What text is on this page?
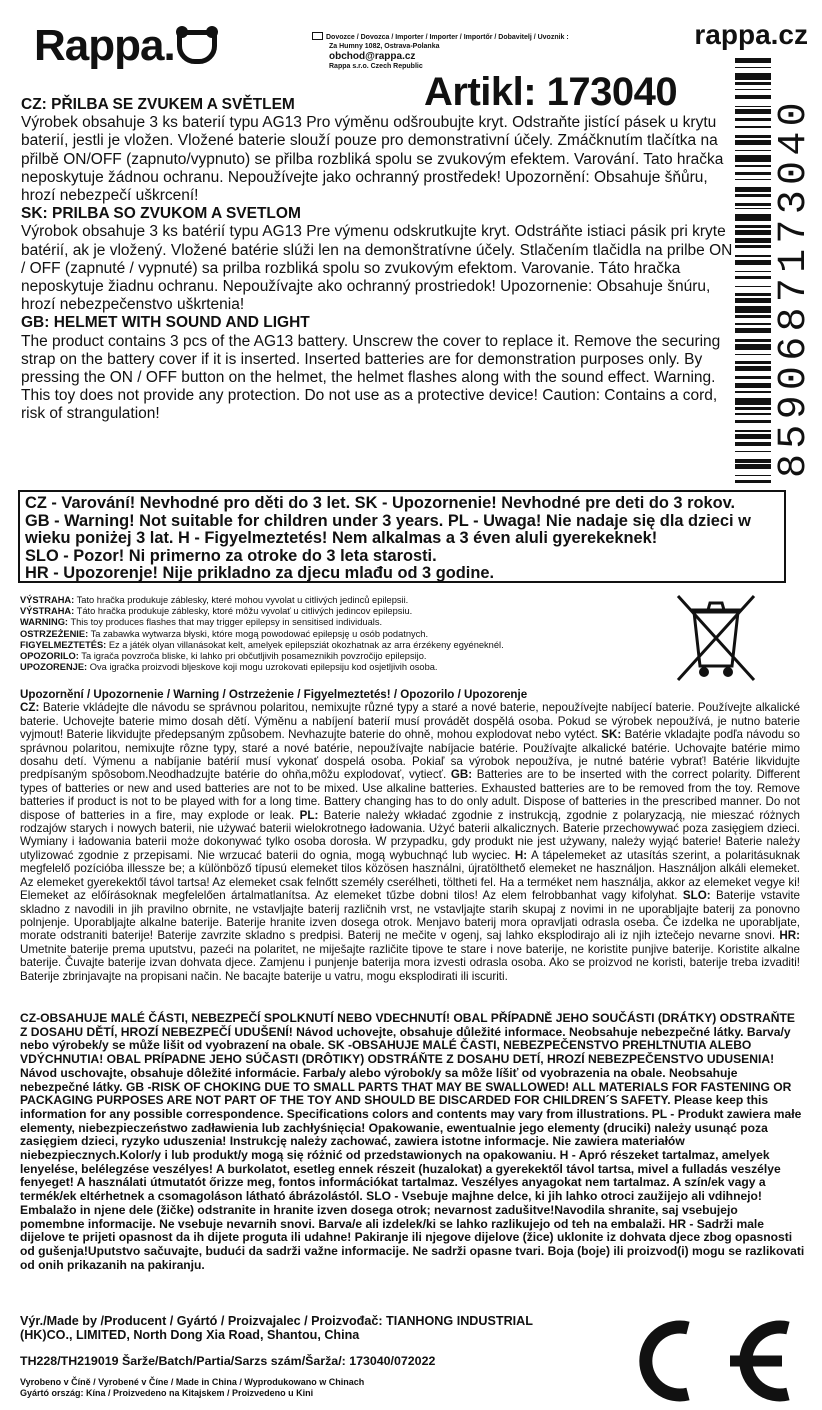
Rappa.	Dovozce / Dovozca / Importer / Importer / Importőr / Dobavitelj / Uvoznik :
Za Humny 1082, Ostrava-Polanka
obchod@rappa.cz
Rappa s.r.o. Czech Republic
rappa.cz
Artikl: 173040
8590687173040
CZ: PŘILBA SE ZVUKEM A SVĚTLEM

Výrobek obsahuje 3 ks baterií typu AG13 Pro výměnu odšroubujte kryt. Odstraňte jistící pásek u krytu baterií, jestli je vložen. Vložené baterie slouží pouze pro demonstrativní účely. Zmáčknutím tlačítka na přilbě ON/OFF (zapnuto/vypnuto) se přilba rozbliká spolu se zvukovým efektem. Varování. Tato hračka neposkytuje žádnou ochranu. Nepoužívejte jako ochranný prostředek! Upozornění: Obsahuje šňůru, hrozí nebezpečí uškrcení!

SK: PRILBA SO ZVUKOM A SVETLOM

Výrobok obsahuje 3 ks batérií typu AG13 Pre výmenu odskrutkujte kryt. Odstráňte istiaci pásik pri kryte batérií, ak je vložený. Vložené batérie slúži len na demonštratívne účely. Stlačením tlačidla na prilbe ON / OFF (zapnuté / vypnuté) sa prilba rozbliká spolu so zvukovým efektom. Varovanie. Táto hračka neposkytuje žiadnu ochranu. Nepoužívajte ako ochranný prostriedok! Upozornenie: Obsahuje šnúru, hrozí nebezpečenstvo uškrtenia!

GB: HELMET WITH SOUND AND LIGHT

The product contains 3 pcs of the AG13 battery. Unscrew the cover to replace it. Remove the securing strap on the battery cover if it is inserted. Inserted batteries are for demonstration purposes only. By pressing the ON / OFF button on the helmet, the helmet flashes along with the sound effect. Warning. This toy does not provide any protection. Do not use as a protective device! Caution: Contains a cord, risk of strangulation!

CZ - Varování! Nevhodné pro děti do 3 let. SK - Upozornenie! Nevhodné pre deti do 3 rokov.

GB - Warning! Not suitable for children under 3 years. PL - Uwaga! Nie nadaje się dla dzieci w wieku poniżej 3 lat. H - Figyelmeztetés! Nem alkalmas a 3 éven aluli gyerekeknek!

SLO - Pozor! Ni primerno za otroke do 3 leta starosti.

HR - Upozorenje! Nije prikladno za djecu mlađu od 3 godine.

VÝSTRAHA: Tato hračka produkuje záblesky, které mohou vyvolat u citlivých jedinců epilepsii.

VÝSTRAHA: Táto hračka produkuje záblesky, ktoré môžu vyvolať u citlivých jedincov epilepsiu.

WARNING: This toy produces flashes that may trigger epilepsy in sensitised individuals.

OSTRZEŻENIE: Ta zabawka wytwarza błyski, które mogą powodować epilepsję u osób podatnych.

FIGYELMEZTETÉS: Ez a játék olyan villanásokat kelt, amelyek epilepsziát okozhatnak az arra érzékeny egyéneknél.

OPOZORILO: Ta igrača povzroča bliske, ki lahko pri občutljivih posameznikih povzročijo epilepsijo.

UPOZORENJE: Ova igračka proizvodi bljeskove koji mogu uzrokovati epilepsiju kod osjetljivih osoba.

Upozornění / Upozornenie / Warning / Ostrzeżenie / Figyelmeztetés! / Opozorilo / Upozorenje

CZ: Baterie vkládejte dle návodu se správnou polaritou, nemixujte různé typy a staré a nové baterie, nepoužívejte nabíjecí baterie. Používejte alkalické baterie. Uchovejte baterie mimo dosah dětí. Výměnu a nabíjení baterií musí provádět dospělá osoba. Pokud se výrobek nepoužívá, je nutno baterie vyjmout! Baterie likvidujte předepsaným způsobem. Nevhazujte baterie do ohně, mohou explodovat nebo vytéct. SK: Batérie vkladajte podľa návodu so správnou polaritou, nemixujte rôzne typy, staré a nové batérie, nepoužívajte nabíjacie batérie. Používajte alkalické batérie. Uchovajte batérie mimo dosahu detí. Výmenu a nabíjanie batérií musí vykonať dospelá osoba. Pokiaľ sa výrobok nepoužíva, je nutné batérie vybrať! Batérie likvidujte predpísaným spôsobom.Neodhadzujte batérie do ohňa,môžu explodovať, vytiecť. GB: Batteries are to be inserted with the correct polarity. Different types of batteries or new and used batteries are not to be mixed. Use alkaline batteries. Exhausted batteries are to be removed from the toy. Remove batteries if product is not to be played with for a long time. Battery changing has to do only adult. Dispose of batteries in the prescribed manner. Do not dispose of batteries in a fire, may explode or leak. PL: Baterie należy wkładać zgodnie z instrukcją, zgodnie z polaryzacją, nie mieszać różnych rodzajów starych i nowych baterii, nie używać baterii wielokrotnego ładowania. Użyć baterii alkalicznych. Baterie przechowywać poza zasięgiem dzieci. Wymiany i ładowania baterii może dokonywać tylko osoba dorosła. W przypadku, gdy produkt nie jest używany, należy wyjąć baterie! Baterie należy utylizować zgodnie z przepisami. Nie wrzucać baterii do ognia, mogą wybuchnąć lub wyciec. H: A tápelemeket az utasítás szerint, a polaritásuknak megfelelő pozícióba illessze be; a különböző típusú elemeket tilos közösen használni, újratölthető elemeket ne használjon. Használjon alkáli elemeket. Az elemeket gyerekektől távol tartsa! Az elemeket csak felnőtt személy cserélheti, töltheti fel. Ha a terméket nem használja, akkor az elemeket vegye ki! Elemeket az előírásoknak megfelelően ártalmatlanítsa. Az elemeket tűzbe dobni tilos! Az elem felrobbanhat vagy kifolyhat. SLO: Baterije vstavite skladno z navodili in jih pravilno obrnite, ne vstavljajte baterij različnih vrst, ne vstavljajte starih skupaj z novimi in ne uporabljajte baterij za ponovno polnjenje. Uporabljajte alkalne baterije. Baterije hranite izven dosega otrok. Menjavo baterij mora opravljati odrasla oseba. Če izdelka ne uporabljate, morate odstraniti baterije! Baterije zavrzite skladno s predpisi. Baterij ne mečite v ogenj, saj lahko eksplodirajo ali iz njih iztečejo nevarne snovi. HR: Umetnite baterije prema uputstvu, pazeći na polaritet, ne miješajte različite tipove te stare i nove baterije, ne koristite punjive baterije. Koristite alkalne baterije. Čuvajte baterije izvan dohvata djece. Zamjenu i punjenje baterija mora izvesti odrasla osoba. Ako se proizvod ne koristi, baterije treba izvaditi! Baterije zbrinjavajte na propisani način. Ne bacajte baterije u vatru, mogu eksplodirati ili iscuriti.

CZ-OBSAHUJE MALÉ ČÁSTI, NEBEZPEČÍ SPOLKNUTÍ NEBO VDECHNUTÍ! OBAL PŘÍPADNĚ JEHO SOUČÁSTI (DRÁTKY) ODSTRAŇTE Z DOSAHU DĚTÍ, HROZÍ NEBEZPEČÍ UDUŠENÍ! Návod uchovejte, obsahuje důležité informace. Neobsahuje nebezpečné látky. Barva/y nebo výrobek/y se může lišit od vyobrazení na obale. SK -OBSAHUJE MALÉ ČASTI, NEBEZPEČENSTVO PREHLTNUTIA ALEBO VDÝCHNUTIA! OBAL PRÍPADNE JEHO SÚČASTI (DRÔTIKY) ODSTRÁŇTE Z DOSAHU DETÍ, HROZÍ NEBEZPEČENSTVO UDUSENIA! Návod uschovajte, obsahuje dôležité informácie. Farba/y alebo výrobok/y sa môže líšiť od vyobrazenia na obale. Neobsahuje nebezpečné látky. GB -RISK OF CHOKING DUE TO SMALL PARTS THAT MAY BE SWALLOWED! ALL MATERIALS FOR FASTENING OR PACKAGING PURPOSES ARE NOT PART OF THE TOY AND SHOULD BE DISCARDED FOR CHILDREN´S SAFETY. Please keep this information for any possible correspondence. Specifications colors and contents may vary from illustrations. PL - Produkt zawiera małe elementy, niebezpieczeństwo zadławienia lub zachłyśnięcia! Opakowanie, ewentualnie jego elementy (druciki) należy usunąć poza zasięgiem dzieci, ryzyko uduszenia! Instrukcję należy zachować, zawiera istotne informacje. Nie zawiera materiałów niebezpiecznych.Kolor/y i lub produkt/y mogą się różnić od przedstawionych na opakowaniu. H - Apró részeket tartalmaz, amelyek lenyelése, belélegzése veszélyes! A burkolatot, esetleg ennek részeit (huzalokat) a gyerekektől távol tartsa, mivel a fulladás veszélye fenyeget! A használati útmutatót őrizze meg, fontos információkat tartalmaz. Veszélyes anyagokat nem tartalmaz. A szín/ek vagy a termék/ek eltérhetnek a csomagoláson látható ábrázolástól. SLO - Vsebuje majhne delce, ki jih lahko otroci zaužijejo ali vdihnejo! Embalažo in njene dele (žičke) odstranite in hranite izven dosega otrok; nevarnost zadušitve!Navodila shranite, saj vsebujejo pomembne informacije. Ne vsebuje nevarnih snovi. Barva/e ali izdelek/ki se lahko razlikujejo od teh na embalaži. HR - Sadrži male dijelove te prijeti opasnost da ih dijete proguta ili udahne! Pakiranje ili njegove dijelove (žice) uklonite iz dohvata djece zbog opasnosti od gušenja!Uputstvo sačuvajte, budući da sadrži važne informacije. Ne sadrži opasne tvari. Boja (boje) ili proizvod(i) mogu se razlikovati od onih prikazanih na pakiranju.

Výr./Made by /Producent / Gyártó / Proizvajalec / Proizvođač: TIANHONG INDUSTRIAL (HK)CO., LIMITED, North Dong Xia Road, Shantou, China
TH228/TH219019 Šarže/Batch/Partia/Sarzs szám/Šarža/: 173040/072022
Vyrobeno v Číně / Vyrobené v Číne / Made in China / Wyprodukowano w Chinach
Gyártó ország: Kína / Proizvedeno na Kitajskem / Proizvedeno u Kini
